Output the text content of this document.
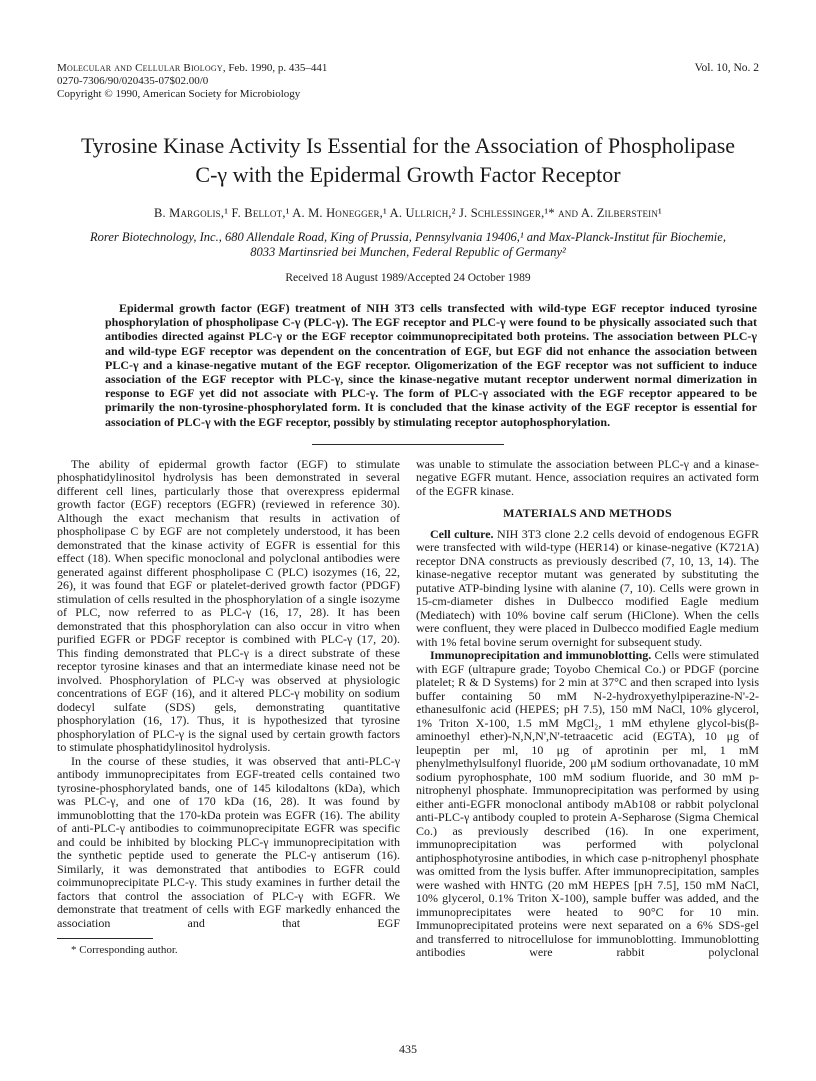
Molecular and Cellular Biology, Feb. 1990, p. 435–441
0270-7306/90/020435-07$02.00/0
Copyright © 1990, American Society for Microbiology
Vol. 10, No. 2
Tyrosine Kinase Activity Is Essential for the Association of Phospholipase C-γ with the Epidermal Growth Factor Receptor
B. Margolis,¹ F. Bellot,¹ A. M. Honegger,¹ A. Ullrich,² J. Schlessinger,¹* and A. Zilberstein¹
Rorer Biotechnology, Inc., 680 Allendale Road, King of Prussia, Pennsylvania 19406,¹ and Max-Planck-Institut für Biochemie, 8033 Martinsried bei Munchen, Federal Republic of Germany²
Received 18 August 1989/Accepted 24 October 1989

Epidermal growth factor (EGF) treatment of NIH 3T3 cells transfected with wild-type EGF receptor induced tyrosine phosphorylation of phospholipase C-γ (PLC-γ). The EGF receptor and PLC-γ were found to be physically associated such that antibodies directed against PLC-γ or the EGF receptor coimmunoprecipitated both proteins. The association between PLC-γ and wild-type EGF receptor was dependent on the concentration of EGF, but EGF did not enhance the association between PLC-γ and a kinase-negative mutant of the EGF receptor. Oligomerization of the EGF receptor was not sufficient to induce association of the EGF receptor with PLC-γ, since the kinase-negative mutant receptor underwent normal dimerization in response to EGF yet did not associate with PLC-γ. The form of PLC-γ associated with the EGF receptor appeared to be primarily the non-tyrosine-phosphorylated form. It is concluded that the kinase activity of the EGF receptor is essential for association of PLC-γ with the EGF receptor, possibly by stimulating receptor autophosphorylation.

The ability of epidermal growth factor (EGF) to stimulate phosphatidylinositol hydrolysis has been demonstrated in several different cell lines, particularly those that overexpress epidermal growth factor (EGF) receptors (EGFR) (reviewed in reference 30). Although the exact mechanism that results in activation of phospholipase C by EGF are not completely understood, it has been demonstrated that the kinase activity of EGFR is essential for this effect (18). When specific monoclonal and polyclonal antibodies were generated against different phospholipase C (PLC) isozymes (16, 22, 26), it was found that EGF or platelet-derived growth factor (PDGF) stimulation of cells resulted in the phosphorylation of a single isozyme of PLC, now referred to as PLC-γ (16, 17, 28). It has been demonstrated that this phosphorylation can also occur in vitro when purified EGFR or PDGF receptor is combined with PLC-γ (17, 20). This finding demonstrated that PLC-γ is a direct substrate of these receptor tyrosine kinases and that an intermediate kinase need not be involved. Phosphorylation of PLC-γ was observed at physiologic concentrations of EGF (16), and it altered PLC-γ mobility on sodium dodecyl sulfate (SDS) gels, demonstrating quantitative phosphorylation (16, 17). Thus, it is hypothesized that tyrosine phosphorylation of PLC-γ is the signal used by certain growth factors to stimulate phosphatidylinositol hydrolysis.

In the course of these studies, it was observed that anti-PLC-γ antibody immunoprecipitates from EGF-treated cells contained two tyrosine-phosphorylated bands, one of 145 kilodaltons (kDa), which was PLC-γ, and one of 170 kDa (16, 28). It was found by immunoblotting that the 170-kDa protein was EGFR (16). The ability of anti-PLC-γ antibodies to coimmunoprecipitate EGFR was specific and could be inhibited by blocking PLC-γ immunoprecipitation with the synthetic peptide used to generate the PLC-γ antiserum (16). Similarly, it was demonstrated that antibodies to EGFR could coimmunoprecipitate PLC-γ. This study examines in further detail the factors that control the association of PLC-γ with EGFR. We demonstrate that treatment of cells with EGF markedly enhanced the association and that EGF

* Corresponding author.

was unable to stimulate the association between PLC-γ and a kinase-negative EGFR mutant. Hence, association requires an activated form of the EGFR kinase.

MATERIALS AND METHODS

Cell culture. NIH 3T3 clone 2.2 cells devoid of endogenous EGFR were transfected with wild-type (HER14) or kinase-negative (K721A) receptor DNA constructs as previously described (7, 10, 13, 14). The kinase-negative receptor mutant was generated by substituting the putative ATP-binding lysine with alanine (7, 10). Cells were grown in 15-cm-diameter dishes in Dulbecco modified Eagle medium (Mediatech) with 10% bovine calf serum (HiClone). When the cells were confluent, they were placed in Dulbecco modified Eagle medium with 1% fetal bovine serum overnight for subsequent study.

Immunoprecipitation and immunoblotting. Cells were stimulated with EGF (ultrapure grade; Toyobo Chemical Co.) or PDGF (porcine platelet; R & D Systems) for 2 min at 37°C and then scraped into lysis buffer containing 50 mM N-2-hydroxyethylpiperazine-N'-2-ethanesulfonic acid (HEPES; pH 7.5), 150 mM NaCl, 10% glycerol, 1% Triton X-100, 1.5 mM MgCl₂, 1 mM ethylene glycol-bis(β-aminoethyl ether)-N,N,N',N'-tetraacetic acid (EGTA), 10 μg of leupeptin per ml, 10 μg of aprotinin per ml, 1 mM phenylmethylsulfonyl fluoride, 200 μM sodium orthovanadate, 10 mM sodium pyrophosphate, 100 mM sodium fluoride, and 30 mM p-nitrophenyl phosphate. Immunoprecipitation was performed by using either anti-EGFR monoclonal antibody mAb108 or rabbit polyclonal anti-PLC-γ antibody coupled to protein A-Sepharose (Sigma Chemical Co.) as previously described (16). In one experiment, immunoprecipitation was performed with polyclonal antiphosphotyrosine antibodies, in which case p-nitrophenyl phosphate was omitted from the lysis buffer. After immunoprecipitation, samples were washed with HNTG (20 mM HEPES [pH 7.5], 150 mM NaCl, 10% glycerol, 0.1% Triton X-100), sample buffer was added, and the immunoprecipitates were heated to 90°C for 10 min. Immunoprecipitated proteins were next separated on a 6% SDS-gel and transferred to nitrocellulose for immunoblotting. Immunoblotting antibodies were rabbit polyclonal

435
